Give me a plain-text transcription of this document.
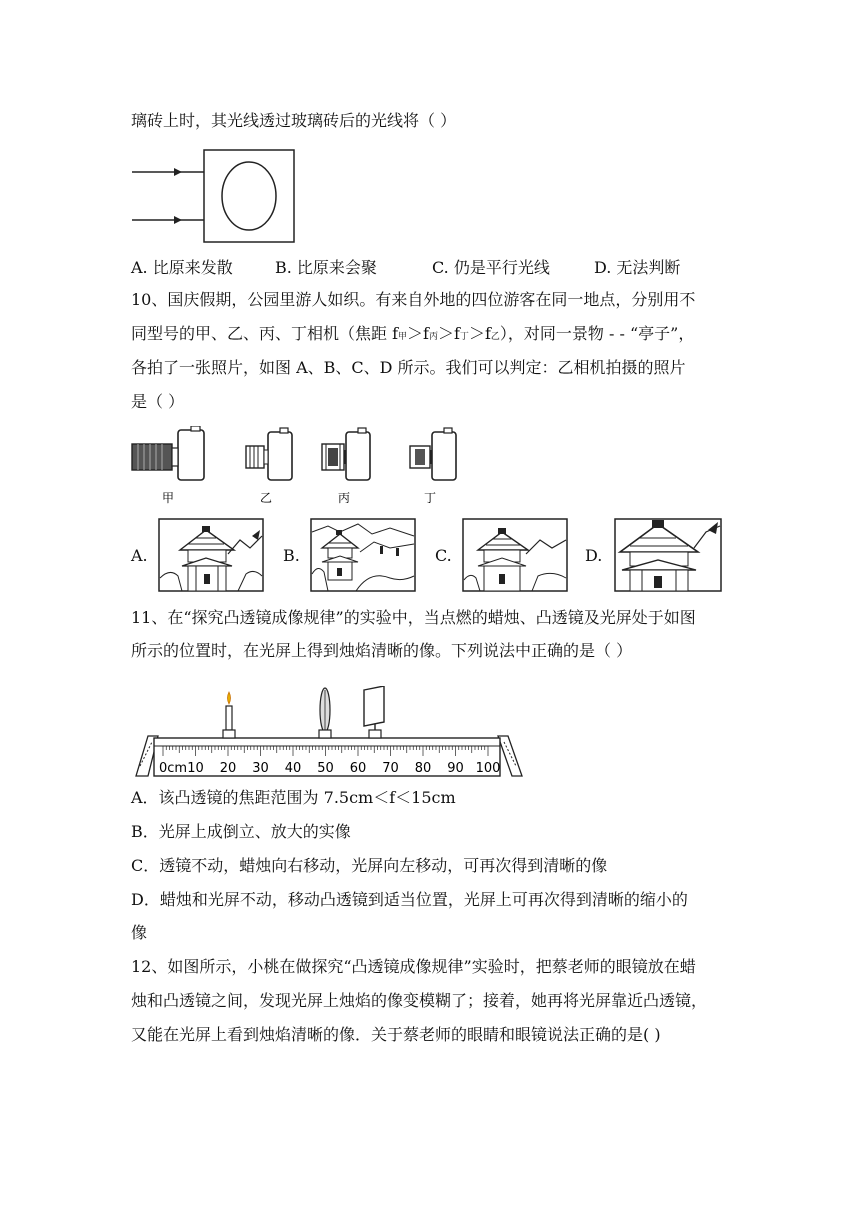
璃砖上时，其光线透过玻璃砖后的光线将（ ）
A. 比原来发散	B. 比原来会聚	C. 仍是平行光线	D. 无法判断
10、国庆假期，公园里游人如织。有来自外地的四位游客在同一地点，分别用不
同型号的甲、乙、丙、丁相机（焦距 f甲＞f丙＞f丁＞f乙），对同一景物 - - “亭子”，
各拍了一张照片，如图 A、B、C、D 所示。我们可以判定：乙相机拍摄的照片
是（ ）
甲	乙	丙	丁
A.	B.	C.	D.
11、在“探究凸透镜成像规律”的实验中，当点燃的蜡烛、凸透镜及光屏处于如图
所示的位置时，在光屏上得到烛焰清晰的像。下列说法中正确的是（ ）
0cm 10 20 30 40 50 60 70 80 90 100
A．该凸透镜的焦距范围为 7.5cm＜f＜15cm
B．光屏上成倒立、放大的实像
C．透镜不动，蜡烛向右移动，光屏向左移动，可再次得到清晰的像
D．蜡烛和光屏不动，移动凸透镜到适当位置，光屏上可再次得到清晰的缩小的
像
12、如图所示，小桃在做探究“凸透镜成像规律”实验时，把蔡老师的眼镜放在蜡
烛和凸透镜之间，发现光屏上烛焰的像变模糊了；接着，她再将光屏靠近凸透镜，
又能在光屏上看到烛焰清晰的像．关于蔡老师的眼睛和眼镜说法正确的是( )
